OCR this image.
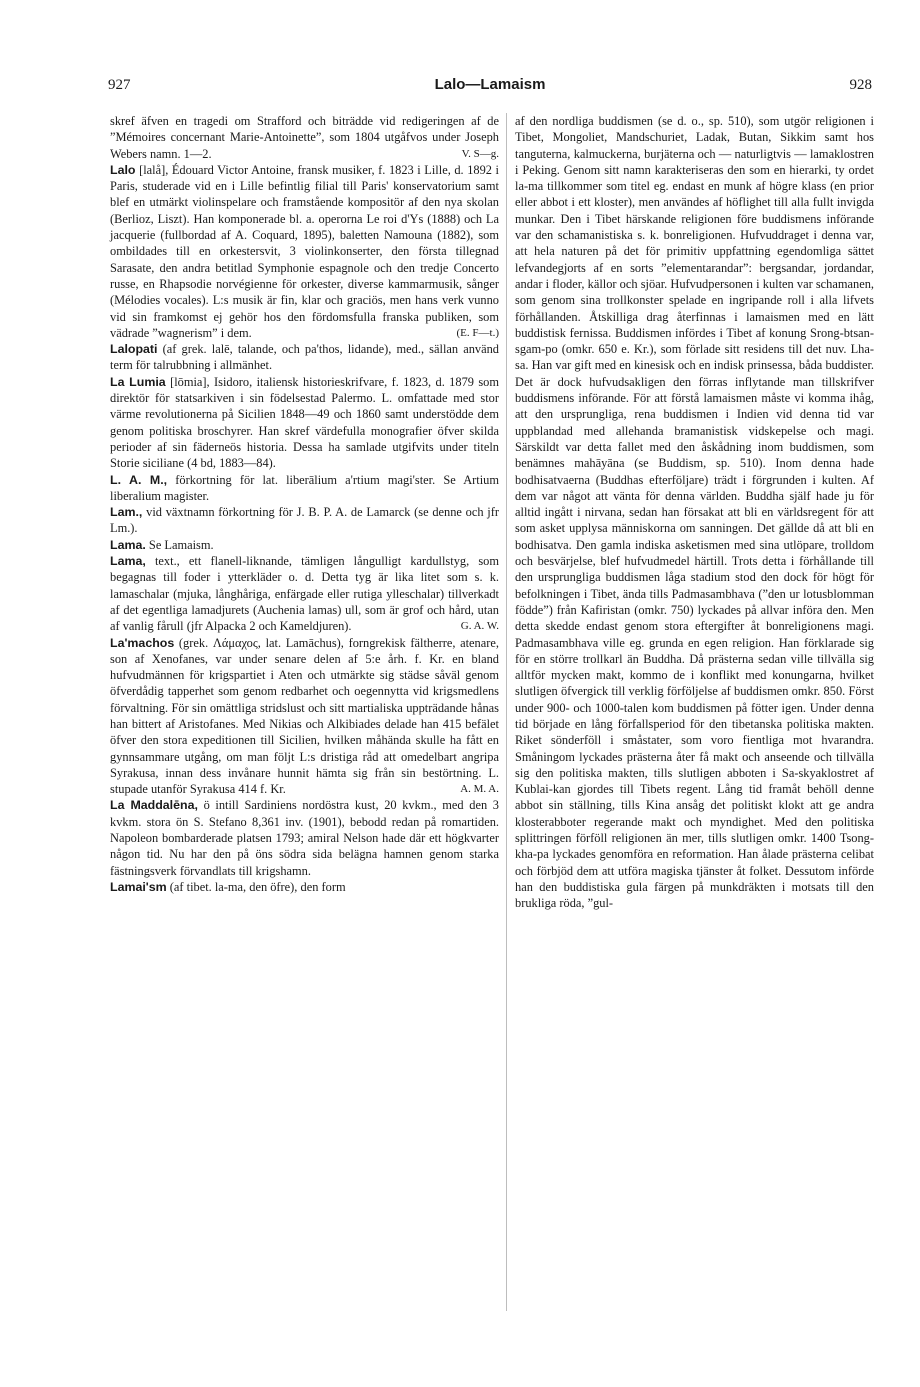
927	Lalo—Lamaism	928

skref äfven en tragedi om Strafford och biträdde vid redigeringen af de ”Mémoires concernant Marie-Antoinette”, som 1804 utgåfvos under Joseph Webers namn. 1—2.	V. S—g.

Lalo [lalå], Édouard Victor Antoine, fransk musiker, f. 1823 i Lille, d. 1892 i Paris, studerade vid en i Lille befintlig filial till Paris' konservatorium samt blef en utmärkt violinspelare och framstående kompositör af den nya skolan (Berlioz, Liszt). Han komponerade bl. a. operorna Le roi d'Ys (1888) och La jacquerie (fullbordad af A. Coquard, 1895), baletten Namouna (1882), som ombildades till en orkestersvit, 3 violinkonserter, den första tillegnad Sarasate, den andra betitlad Symphonie espagnole och den tredje Concerto russe, en Rhapsodie norvégienne för orkester, diverse kammarmusik, sånger (Mélodies vocales). L:s musik är fin, klar och graciös, men hans verk vunno vid sin framkomst ej gehör hos den fördomsfulla franska publiken, som vädrade ”wagnerism” i dem.	(E. F—t.)

Lalopati (af grek. lalē, talande, och pa'thos, lidande), med., sällan använd term för talrubbning i allmänhet.

La Lumia [lōmia], Isidoro, italiensk historieskrifvare, f. 1823, d. 1879 som direktör för statsarkiven i sin födelsestad Palermo. L. omfattade med stor värme revolutionerna på Sicilien 1848—49 och 1860 samt understödde dem genom politiska broschyrer. Han skref värdefulla monografier öfver skilda perioder af sin fäderneös historia. Dessa ha samlade utgifvits under titeln Storie siciliane (4 bd, 1883—84).

L. A. M., förkortning för lat. liberālium a'rtium magi'ster. Se Artium liberalium magister.

Lam., vid växtnamn förkortning för J. B. P. A. de Lamarck (se denne och jfr Lm.).

Lama. Se Lamaism.

Lama, text., ett flanell-liknande, tämligen långulligt kardullstyg, som begagnas till foder i ytterkläder o. d. Detta tyg är lika litet som s. k. lamaschalar (mjuka, långhåriga, enfärgade eller rutiga ylleschalar) tillverkadt af det egentliga lamadjurets (Auchenia lamas) ull, som är grof och hård, utan af vanlig fårull (jfr Alpacka 2 och Kameldjuren).	G. A. W.

La'machos (grek. Λάμαχος, lat. Lamāchus), forngrekisk fältherre, atenare, son af Xenofanes, var under senare delen af 5:e årh. f. Kr. en bland hufvudmännen för krigspartiet i Aten och utmärkte sig städse såväl genom öfverdådig tapperhet som genom redbarhet och oegennytta vid krigsmedlens förvaltning. För sin omättliga stridslust och sitt martialiska uppträdande hånas han bittert af Aristofanes. Med Nikias och Alkibiades delade han 415 befälet öfver den stora expeditionen till Sicilien, hvilken måhända skulle ha fått en gynnsammare utgång, om man följt L:s dristiga råd att omedelbart angripa Syrakusa, innan dess invånare hunnit hämta sig från sin bestörtning. L. stupade utanför Syrakusa 414 f. Kr.	A. M. A.

La Maddalēna, ö intill Sardiniens nordöstra kust, 20 kvkm., med den 3 kvkm. stora ön S. Stefano 8,361 inv. (1901), bebodd redan på romartiden. Napoleon bombarderade platsen 1793; amiral Nelson hade där ett högkvarter någon tid. Nu har den på öns södra sida belägna hamnen genom starka fästningsverk förvandlats till krigshamn.

Lamai'sm (af tibet. la-ma, den öfre), den form

af den nordliga buddismen (se d. o., sp. 510), som utgör religionen i Tibet, Mongoliet, Mandschuriet, Ladak, Butan, Sikkim samt hos tanguterna, kalmuckerna, burjäterna och — naturligtvis — lamaklostren i Peking. Genom sitt namn karakteriseras den som en hierarki, ty ordet la-ma tillkommer som titel eg. endast en munk af högre klass (en prior eller abbot i ett kloster), men användes af höflighet till alla fullt invigda munkar. Den i Tibet härskande religionen före buddismens införande var den schamanistiska s. k. bonreligionen. Hufvuddraget i denna var, att hela naturen på det för primitiv uppfattning egendomliga sättet lefvandegjorts af en sorts ”elementarandar”: bergsandar, jordandar, andar i floder, källor och sjöar. Hufvudpersonen i kulten var schamanen, som genom sina trollkonster spelade en ingripande roll i alla lifvets förhållanden. Åtskilliga drag återfinnas i lamaismen med en lätt buddistisk fernissa. Buddismen infördes i Tibet af konung Srong-btsan-sgam-po (omkr. 650 e. Kr.), som förlade sitt residens till det nuv. Lha-sa. Han var gift med en kinesisk och en indisk prinsessa, båda buddister. Det är dock hufvudsakligen den förras inflytande man tillskrifver buddismens införande. För att förstå lamaismen måste vi komma ihåg, att den ursprungliga, rena buddismen i Indien vid denna tid var uppblandad med allehanda bramanistisk vidskepelse och magi. Särskildt var detta fallet med den åskådning inom buddismen, som benämnes mahāyāna (se Buddism, sp. 510). Inom denna hade bodhisatvaerna (Buddhas efterföljare) trädt i förgrunden i kulten. Af dem var något att vänta för denna världen. Buddha själf hade ju för alltid ingått i nirvana, sedan han försakat att bli en världsregent för att som asket upplysa människorna om sanningen. Det gällde då att bli en bodhisatva. Den gamla indiska asketismen med sina utlöpare, trolldom och besvärjelse, blef hufvudmedel härtill. Trots detta i förhållande till den ursprungliga buddismen låga stadium stod den dock för högt för befolkningen i Tibet, ända tills Padmasambhava (”den ur lotusblomman födde”) från Kafiristan (omkr. 750) lyckades på allvar införa den. Men detta skedde endast genom stora eftergifter åt bonreligionens magi. Padmasambhava ville eg. grunda en egen religion. Han förklarade sig för en större trollkarl än Buddha. Då prästerna sedan ville tillvälla sig alltför mycken makt, kommo de i konflikt med konungarna, hvilket slutligen öfvergick till verklig förföljelse af buddismen omkr. 850. Först under 900- och 1000-talen kom buddismen på fötter igen. Under denna tid började en lång förfallsperiod för den tibetanska politiska makten. Riket sönderföll i småstater, som voro fientliga mot hvarandra. Småningom lyckades prästerna åter få makt och anseende och tillvälla sig den politiska makten, tills slutligen abboten i Sa-skyaklostret af Kublai-kan gjordes till Tibets regent. Lång tid framåt behöll denne abbot sin ställning, tills Kina ansåg det politiskt klokt att ge andra klosterabboter regerande makt och myndighet. Med den politiska splittringen förföll religionen än mer, tills slutligen omkr. 1400 Tsong-kha-pa lyckades genomföra en reformation. Han ålade prästerna celibat och förbjöd dem att utföra magiska tjänster åt folket. Dessutom införde han den buddistiska gula färgen på munkdräkten i motsats till den brukliga röda, ”gul-
